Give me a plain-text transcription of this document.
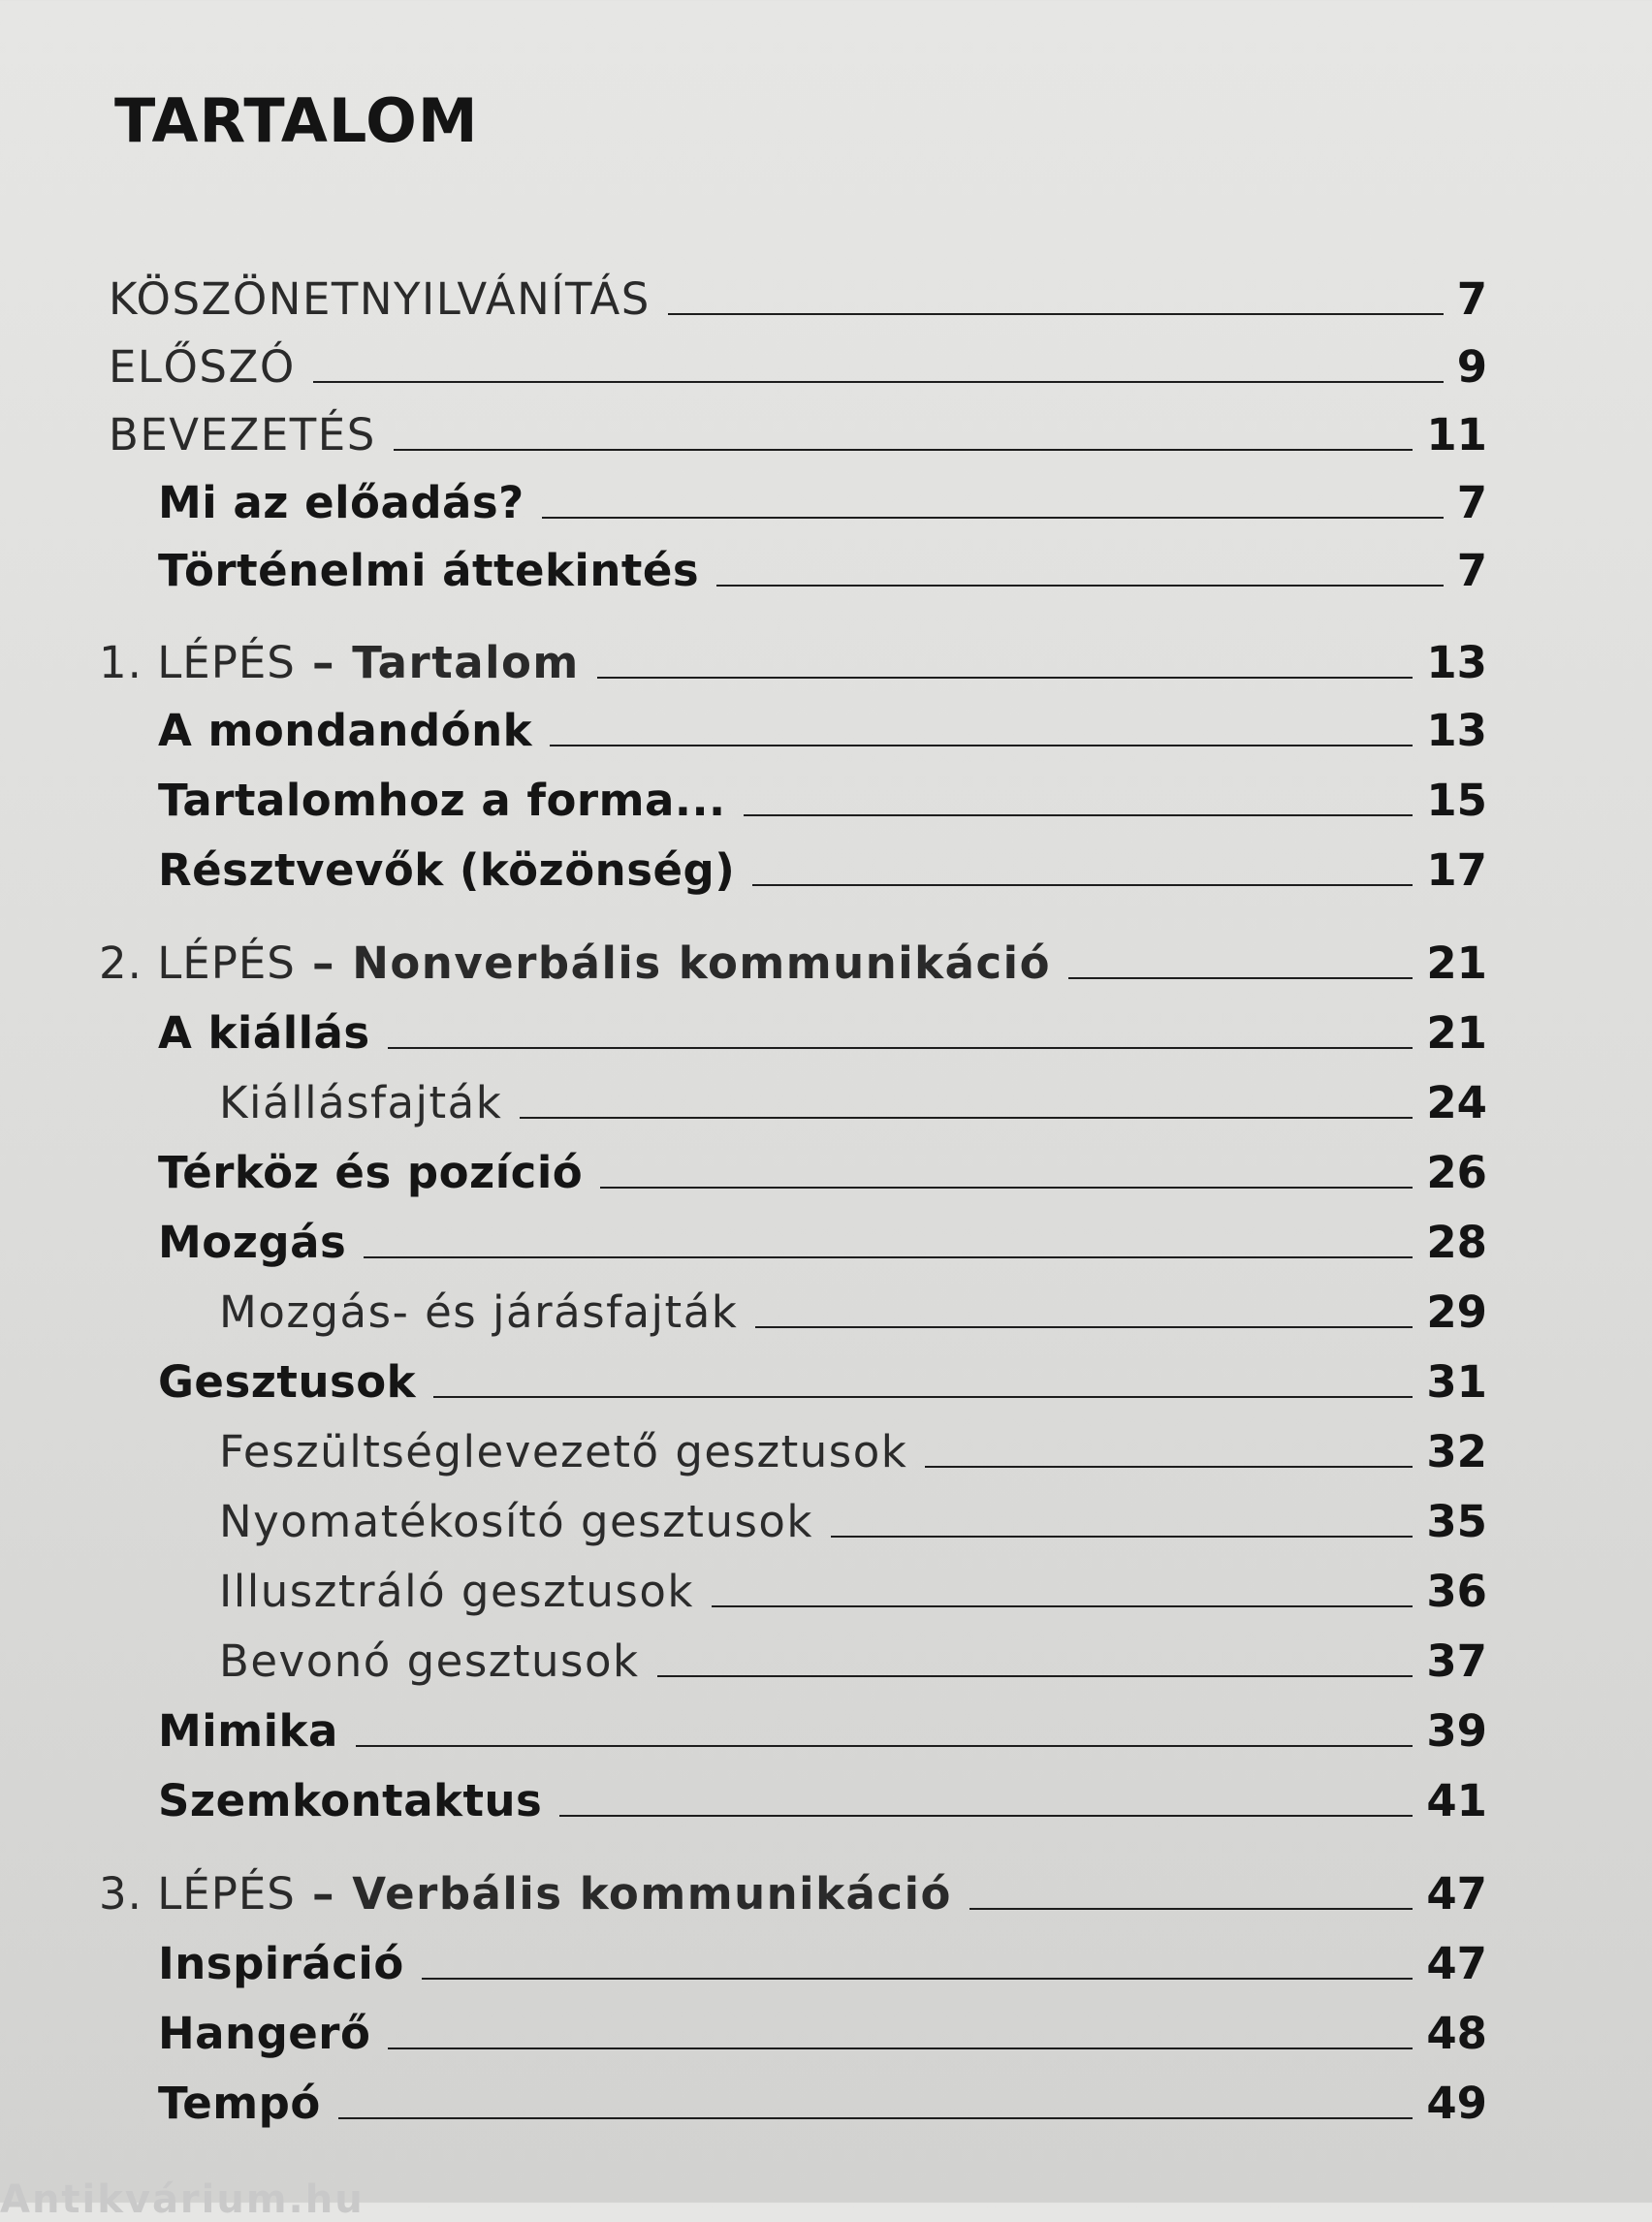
TARTALOM
KÖSZÖNETNYILVÁNÍTÁS	7
ELŐSZÓ	9
BEVEZETÉS	11
Mi az előadás?	7
Történelmi áttekintés	7
1. LÉPÉS – Tartalom	13
A mondandónk	13
Tartalomhoz a forma...	15
Résztvevők (közönség)	17
2. LÉPÉS – Nonverbális kommunikáció	21
A kiállás	21
Kiállásfajták	24
Térköz és pozíció	26
Mozgás	28
Mozgás- és járásfajták	29
Gesztusok	31
Feszültséglevezető gesztusok	32
Nyomatékosító gesztusok	35
Illusztráló gesztusok	36
Bevonó gesztusok	37
Mimika	39
Szemkontaktus	41
3. LÉPÉS – Verbális kommunikáció	47
Inspiráció	47
Hangerő	48
Tempó	49
Antikvárium.hu
